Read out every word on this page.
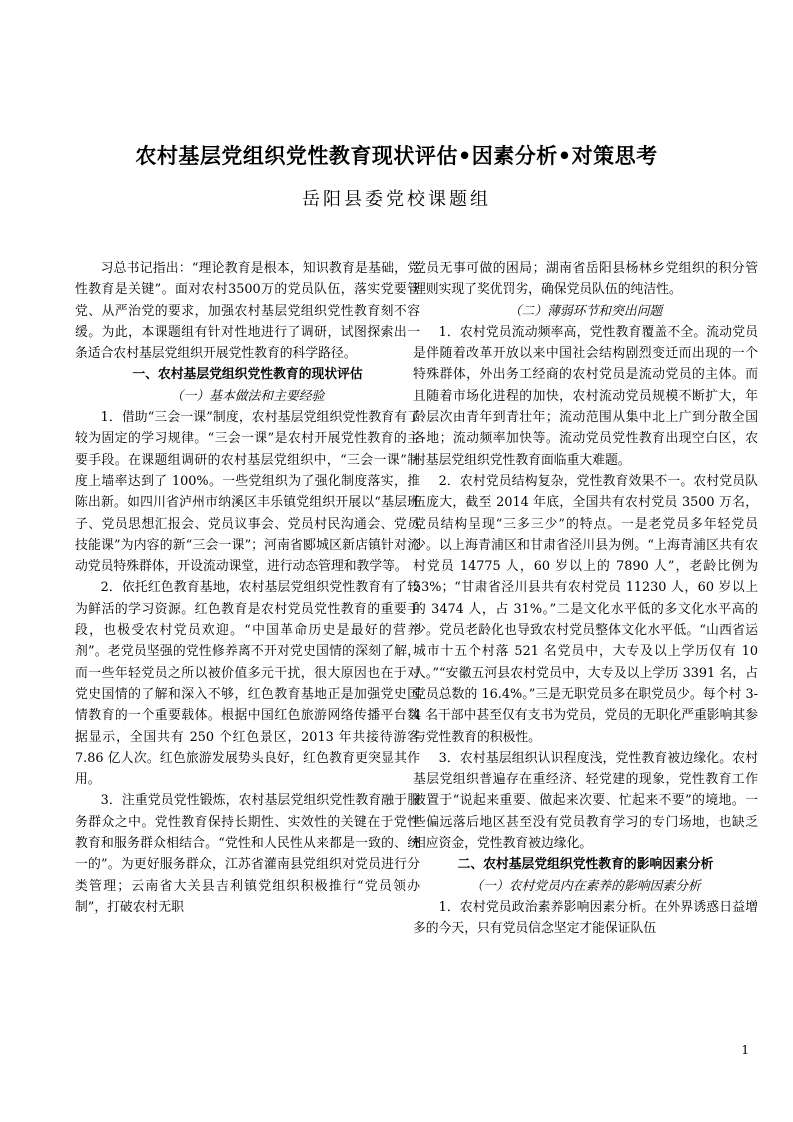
农村基层党组织党性教育现状评估•因素分析•对策思考
岳阳县委党校课题组

习总书记指出：“理论教育是根本，知识教育是基础，党性教育是关键”。面对农村3500万的党员队伍，落实党要管党、从严治党的要求，加强农村基层党组织党性教育刻不容缓。为此，本课题组有针对性地进行了调研，试图探索出一条适合农村基层党组织开展党性教育的科学路径。

一、农村基层党组织党性教育的现状评估
（一）基本做法和主要经验

1．借助“三会一课”制度，农村基层党组织党性教育有了较为固定的学习规律。“三会一课”是农村开展党性教育的主要手段。在课题组调研的农村基层党组织中，“三会一课”制度上墙率达到了 100%。一些党组织为了强化制度落实，推陈出新。如四川省泸州市纳溪区丰乐镇党组织开展以“基层班子、党员思想汇报会、党员议事会、党员村民沟通会、党员技能课”为内容的新“三会一课”；河南省郾城区新店镇针对流动党员特殊群体，开设流动课堂，进行动态管理和教学等。

2．依托红色教育基地，农村基层党组织党性教育有了较为鲜活的学习资源。红色教育是农村党员党性教育的重要手段，也极受农村党员欢迎。“中国革命历史是最好的营养剂”。老党员坚强的党性修养离不开对党史国情的深刻了解，而一些年轻党员之所以被价值多元干扰，很大原因也在于对党史国情的了解和深入不够，红色教育基地正是加强党史国情教育的一个重要载体。根据中国红色旅游网络传播平台数据显示，全国共有 250 个红色景区，2013 年共接待游客 7.86 亿人次。红色旅游发展势头良好，红色教育更突显其作用。

3．注重党员党性锻炼，农村基层党组织党性教育融于服务群众之中。党性教育保持长期性、实效性的关键在于党性教育和服务群众相结合。“党性和人民性从来都是一致的、统一的”。为更好服务群众，江苏省灌南县党组织对党员进行分类管理；云南省大关县吉利镇党组织积极推行“党员领办制”，打破农村无职

党员无事可做的困局；湖南省岳阳县杨林乡党组织的积分管理则实现了奖优罚劣，确保党员队伍的纯洁性。

（二）薄弱环节和突出问题

1．农村党员流动频率高，党性教育覆盖不全。流动党员是伴随着改革开放以来中国社会结构剧烈变迁而出现的一个特殊群体，外出务工经商的农村党员是流动党员的主体。而且随着市场化进程的加快，农村流动党员规模不断扩大，年龄层次由青年到青壮年；流动范围从集中北上广到分散全国各地；流动频率加快等。流动党员党性教育出现空白区，农村基层党组织党性教育面临重大难题。

2．农村党员结构复杂，党性教育效果不一。农村党员队伍庞大，截至 2014 年底，全国共有农村党员 3500 万名，党员结构呈现“三多三少”的特点。一是老党员多年轻党员少。以上海青浦区和甘肃省泾川县为例。“上海青浦区共有农村党员 14775 人，60 岁以上的 7890 人”，老龄比例为 53%；“甘肃省泾川县共有农村党员 11230 人，60 岁以上的 3474 人，占 31%。”二是文化水平低的多文化水平高的少。党员老龄化也导致农村党员整体文化水平低。“山西省运城市十五个村落 521 名党员中，大专及以上学历仅有 10 人。”“安徽五河县农村党员中，大专及以上学历 3391 名，占党员总数的 16.4%。”三是无职党员多在职党员少。每个村 3-4 名干部中甚至仅有支书为党员，党员的无职化严重影响其参与党性教育的积极性。

3．农村基层组织认识程度浅，党性教育被边缘化。农村基层党组织普遍存在重经济、轻党建的现象，党性教育工作被置于“说起来重要、做起来次要、忙起来不要”的境地。一些偏远落后地区甚至没有党员教育学习的专门场地，也缺乏相应资金，党性教育被边缘化。

二、农村基层党组织党性教育的影响因素分析
（一）农村党员内在素养的影响因素分析

1．农村党员政治素养影响因素分析。在外界诱惑日益增多的今天，只有党员信念坚定才能保证队伍

1
